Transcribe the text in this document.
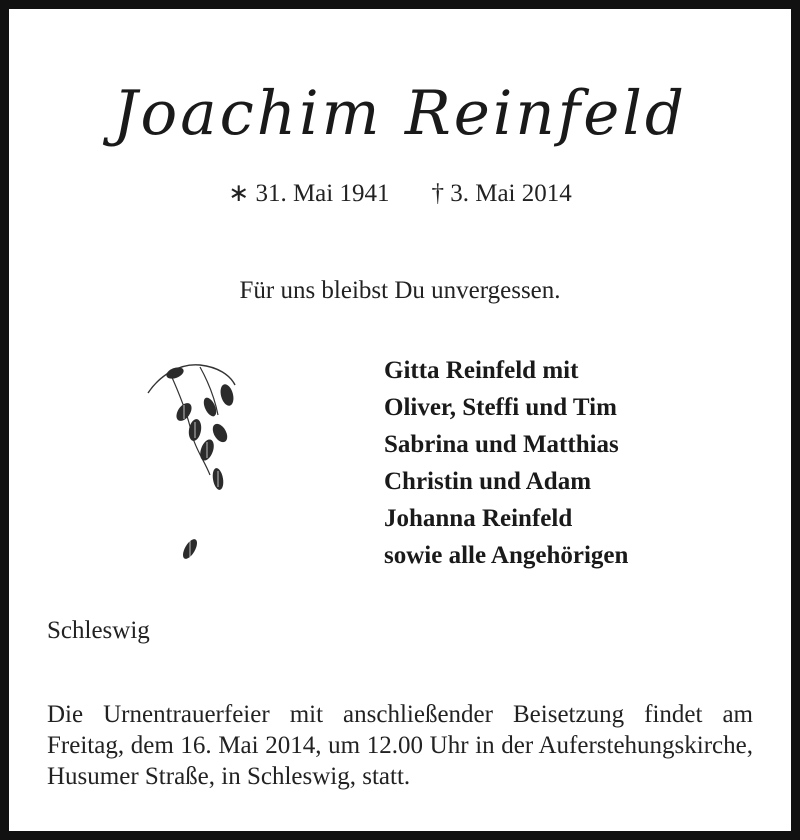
Joachim Reinfeld
∗ 31. Mai 1941 † 3. Mai 2014
Für uns bleibst Du unvergessen.
Gitta Reinfeld mit
Oliver, Steffi und Tim
Sabrina und Matthias
Christin und Adam
Johanna Reinfeld
sowie alle Angehörigen
Schleswig
Die Urnentrauerfeier mit anschließender Beisetzung findet am Freitag, dem 16. Mai 2014, um 12.00 Uhr in der Auferstehungskirche, Husumer Straße, in Schleswig, statt.
